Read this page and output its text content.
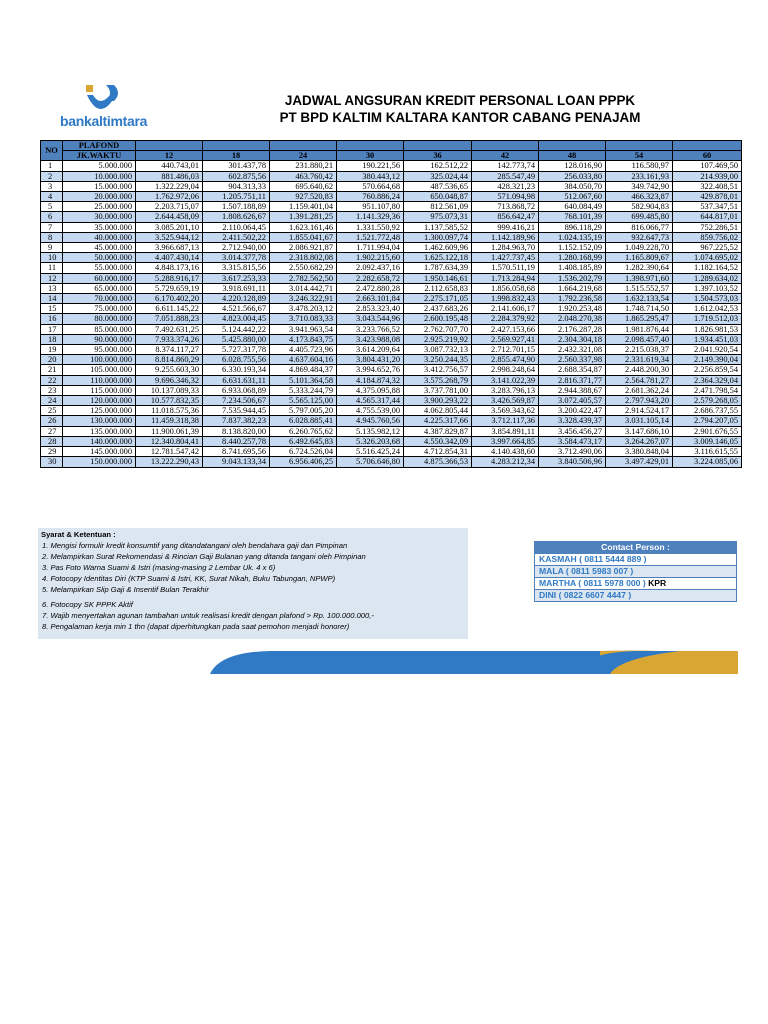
bankaltimtara
JADWAL ANGSURAN KREDIT PERSONAL LOAN PPPK
PT BPD KALTIM KALTARA KANTOR CABANG PENAJAM
NO	PLAFOND									
	JK.WAKTU	12	18	24	30	36	42	48	54	60
1	5.000.000	440.743,01	301.437,78	231.880,21	190.221,56	162.512,22	142.773,74	128.016,90	116.580,97	107.469,50
2	10.000.000	881.486,03	602.875,56	463.760,42	380.443,12	325.024,44	285.547,49	256.033,80	233.161,93	214.939,00
3	15.000.000	1.322.229,04	904.313,33	695.640,62	570.664,68	487.536,65	428.321,23	384.050,70	349.742,90	322.408,51
4	20.000.000	1.762.972,06	1.205.751,11	927.520,83	760.886,24	650.048,87	571.094,98	512.067,60	466.323,87	429.878,01
5	25.000.000	2.203.715,07	1.507.188,89	1.159.401,04	951.107,80	812.561,09	713.868,72	640.084,49	582.904,83	537.347,51
6	30.000.000	2.644.458,09	1.808.626,67	1.391.281,25	1.141.329,36	975.073,31	856.642,47	768.101,39	699.485,80	644.817,01
7	35.000.000	3.085.201,10	2.110.064,45	1.623.161,46	1.331.550,92	1.137.585,52	999.416,21	896.118,29	816.066,77	752.286,51
8	40.000.000	3.525.944,12	2.411.502,22	1.855.041,67	1.521.772,48	1.300.097,74	1.142.189,96	1.024.135,19	932.647,73	859.756,02
9	45.000.000	3.966.687,13	2.712.940,00	2.086.921,87	1.711.994,04	1.462.609,96	1.284.963,70	1.152.152,09	1.049.228,70	967.225,52
10	50.000.000	4.407.430,14	3.014.377,78	2.318.802,08	1.902.215,60	1.625.122,18	1.427.737,45	1.280.168,99	1.165.809,67	1.074.695,02
11	55.000.000	4.848.173,16	3.315.815,56	2.550.682,29	2.092.437,16	1.787.634,39	1.570.511,19	1.408.185,89	1.282.390,64	1.182.164,52
12	60.000.000	5.288.916,17	3.617.253,33	2.782.562,50	2.282.658,72	1.950.146,61	1.713.284,94	1.536.202,79	1.398.971,60	1.289.634,02
13	65.000.000	5.729.659,19	3.918.691,11	3.014.442,71	2.472.880,28	2.112.658,83	1.856.058,68	1.664.219,68	1.515.552,57	1.397.103,52
14	70.000.000	6.170.402,20	4.220.128,89	3.246.322,91	2.663.101,84	2.275.171,05	1.998.832,43	1.792.236,58	1.632.133,54	1.504.573,03
15	75.000.000	6.611.145,22	4.521.566,67	3.478.203,12	2.853.323,40	2.437.683,26	2.141.606,17	1.920.253,48	1.748.714,50	1.612.042,53
16	80.000.000	7.051.888,23	4.823.004,45	3.710.083,33	3.043.544,96	2.600.195,48	2.284.379,92	2.048.270,38	1.865.295,47	1.719.512,03
17	85.000.000	7.492.631,25	5.124.442,22	3.941.963,54	3.233.766,52	2.762.707,70	2.427.153,66	2.176.287,28	1.981.876,44	1.826.981,53
18	90.000.000	7.933.374,26	5.425.880,00	4.173.843,75	3.423.988,08	2.925.219,92	2.569.927,41	2.304.304,18	2.098.457,40	1.934.451,03
19	95.000.000	8.374.117,27	5.727.317,78	4.405.723,96	3.614.209,64	3.087.732,13	2.712.701,15	2.432.321,08	2.215.038,37	2.041.920,54
20	100.000.000	8.814.860,29	6.028.755,56	4.637.604,16	3.804.431,20	3.250.244,35	2.855.474,90	2.560.337,98	2.331.619,34	2.149.390,04
21	105.000.000	9.255.603,30	6.330.193,34	4.869.484,37	3.994.652,76	3.412.756,57	2.998.248,64	2.688.354,87	2.448.200,30	2.256.859,54
22	110.000.000	9.696.346,32	6.631.631,11	5.101.364,58	4.184.874,32	3.575.268,79	3.141.022,39	2.816.371,77	2.564.781,27	2.364.329,04
23	115.000.000	10.137.089,33	6.933.068,89	5.333.244,79	4.375.095,88	3.737.781,00	3.283.796,13	2.944.388,67	2.681.362,24	2.471.798,54
24	120.000.000	10.577.832,35	7.234.506,67	5.565.125,00	4.565.317,44	3.900.293,22	3.426.569,87	3.072.405,57	2.797.943,20	2.579.268,05
25	125.000.000	11.018.575,36	7.535.944,45	5.797.005,20	4.755.539,00	4.062.805,44	3.569.343,62	3.200.422,47	2.914.524,17	2.686.737,55
26	130.000.000	11.459.318,38	7.837.382,23	6.028.885,41	4.945.760,56	4.225.317,66	3.712.117,36	3.328.439,37	3.031.105,14	2.794.207,05
27	135.000.000	11.900.061,39	8.138.820,00	6.260.765,62	5.135.982,12	4.387.829,87	3.854.891,11	3.456.456,27	3.147.686,10	2.901.676,55
28	140.000.000	12.340.804,41	8.440.257,78	6.492.645,83	5.326.203,68	4.550.342,09	3.997.664,85	3.584.473,17	3.264.267,07	3.009.146,05
29	145.000.000	12.781.547,42	8.741.695,56	6.724.526,04	5.516.425,24	4.712.854,31	4.140.438,60	3.712.490,06	3.380.848,04	3.116.615,55
30	150.000.000	13.222.290,43	9.043.133,34	6.956.406,25	5.706.646,80	4.875.366,53	4.283.212,34	3.840.506,96	3.497.429,01	3.224.085,06
Syarat & Ketentuan :
1. Mengisi formulir kredit konsumtif yang ditandatangani oleh bendahara gaji dan Pimpinan
2. Melampirkan Surat Rekomendasi & Rincian Gaji Bulanan yang ditanda tangani oleh Pimpinan
3. Pas Foto Warna Suami & Istri (masing-masing 2 Lembar Uk. 4 x 6)
4. Fotocopy Identitas Diri (KTP Suami & Istri, KK, Surat Nikah, Buku Tabungan, NPWP)
5. Melampirkan Slip Gaji & Insentif Bulan Terakhir
6. Fotocopy SK PPPK Aktif
7. Wajib menyertakan agunan tambahan untuk realisasi kredit dengan plafond > Rp. 100.000.000,-
8. Pengalaman kerja min 1 thn (dapat diperhitungkan pada saat pemohon menjadi honorer)
Contact Person :
KASMAH ( 0811 5444 889 )
MALA ( 0811 5983 007 )
MARTHA ( 0811 5978 000 ) KPR
DINI ( 0822 6607 4447 )
